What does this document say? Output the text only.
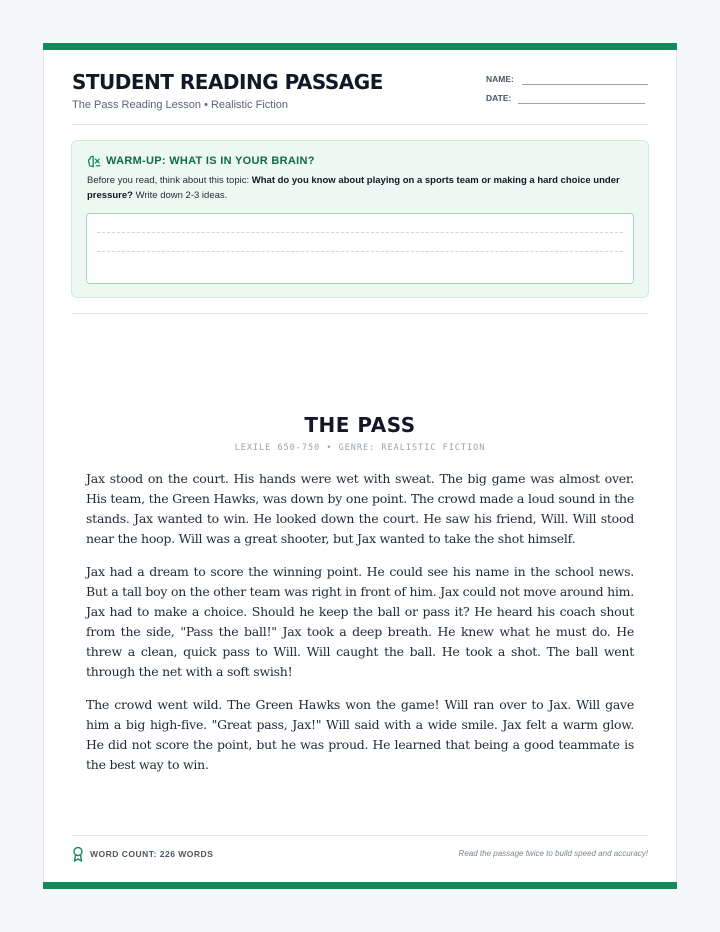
STUDENT READING PASSAGE
The Pass Reading Lesson • Realistic Fiction
NAME:
DATE:
WARM-UP: WHAT IS IN YOUR BRAIN?
Before you read, think about this topic: What do you know about playing on a sports team or making a hard choice under pressure? Write down 2-3 ideas.
THE PASS
LEXILE 650-750 • GENRE: REALISTIC FICTION

Jax stood on the court. His hands were wet with sweat. The big game was almost over. His team, the Green Hawks, was down by one point. The crowd made a loud sound in the stands. Jax wanted to win. He looked down the court. He saw his friend, Will. Will stood near the hoop. Will was a great shooter, but Jax wanted to take the shot himself.

Jax had a dream to score the winning point. He could see his name in the school news. But a tall boy on the other team was right in front of him. Jax could not move around him. Jax had to make a choice. Should he keep the ball or pass it? He heard his coach shout from the side, "Pass the ball!" Jax took a deep breath. He knew what he must do. He threw a clean, quick pass to Will. Will caught the ball. He took a shot. The ball went through the net with a soft swish!

The crowd went wild. The Green Hawks won the game! Will ran over to Jax. Will gave him a big high-five. "Great pass, Jax!" Will said with a wide smile. Jax felt a warm glow. He did not score the point, but he was proud. He learned that being a good teammate is the best way to win.

WORD COUNT: 226 WORDS	Read the passage twice to build speed and accuracy!
